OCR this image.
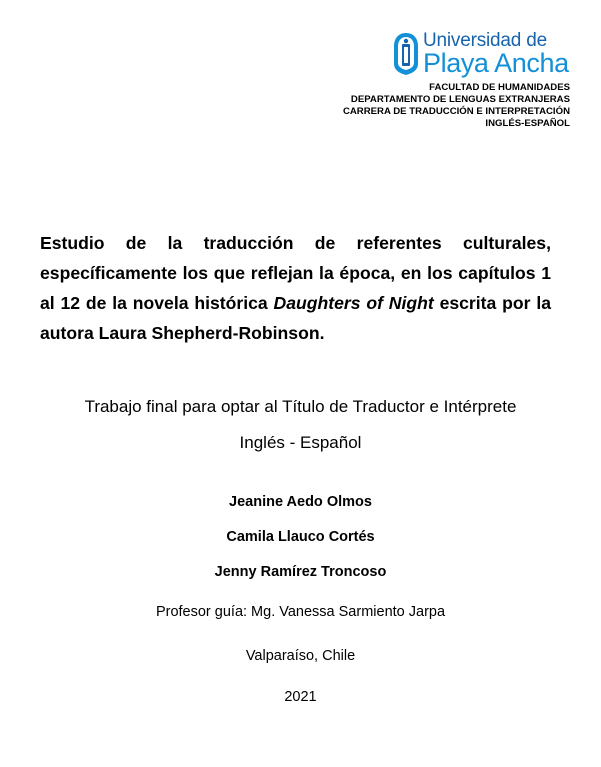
Universidad de
Playa Ancha
FACULTAD DE HUMANIDADES
DEPARTAMENTO DE LENGUAS EXTRANJERAS
CARRERA DE TRADUCCIÓN E INTERPRETACIÓN
INGLÉS-ESPAÑOL
Estudio de la traducción de referentes culturales, específicamente los que reflejan la época, en los capítulos 1 al 12 de la novela histórica Daughters of Night escrita por la autora Laura Shepherd-Robinson.
Trabajo final para optar al Título de Traductor e Intérprete
Inglés - Español
Jeanine Aedo Olmos
Camila Llauco Cortés
Jenny Ramírez Troncoso
Profesor guía: Mg. Vanessa Sarmiento Jarpa
Valparaíso, Chile
2021
